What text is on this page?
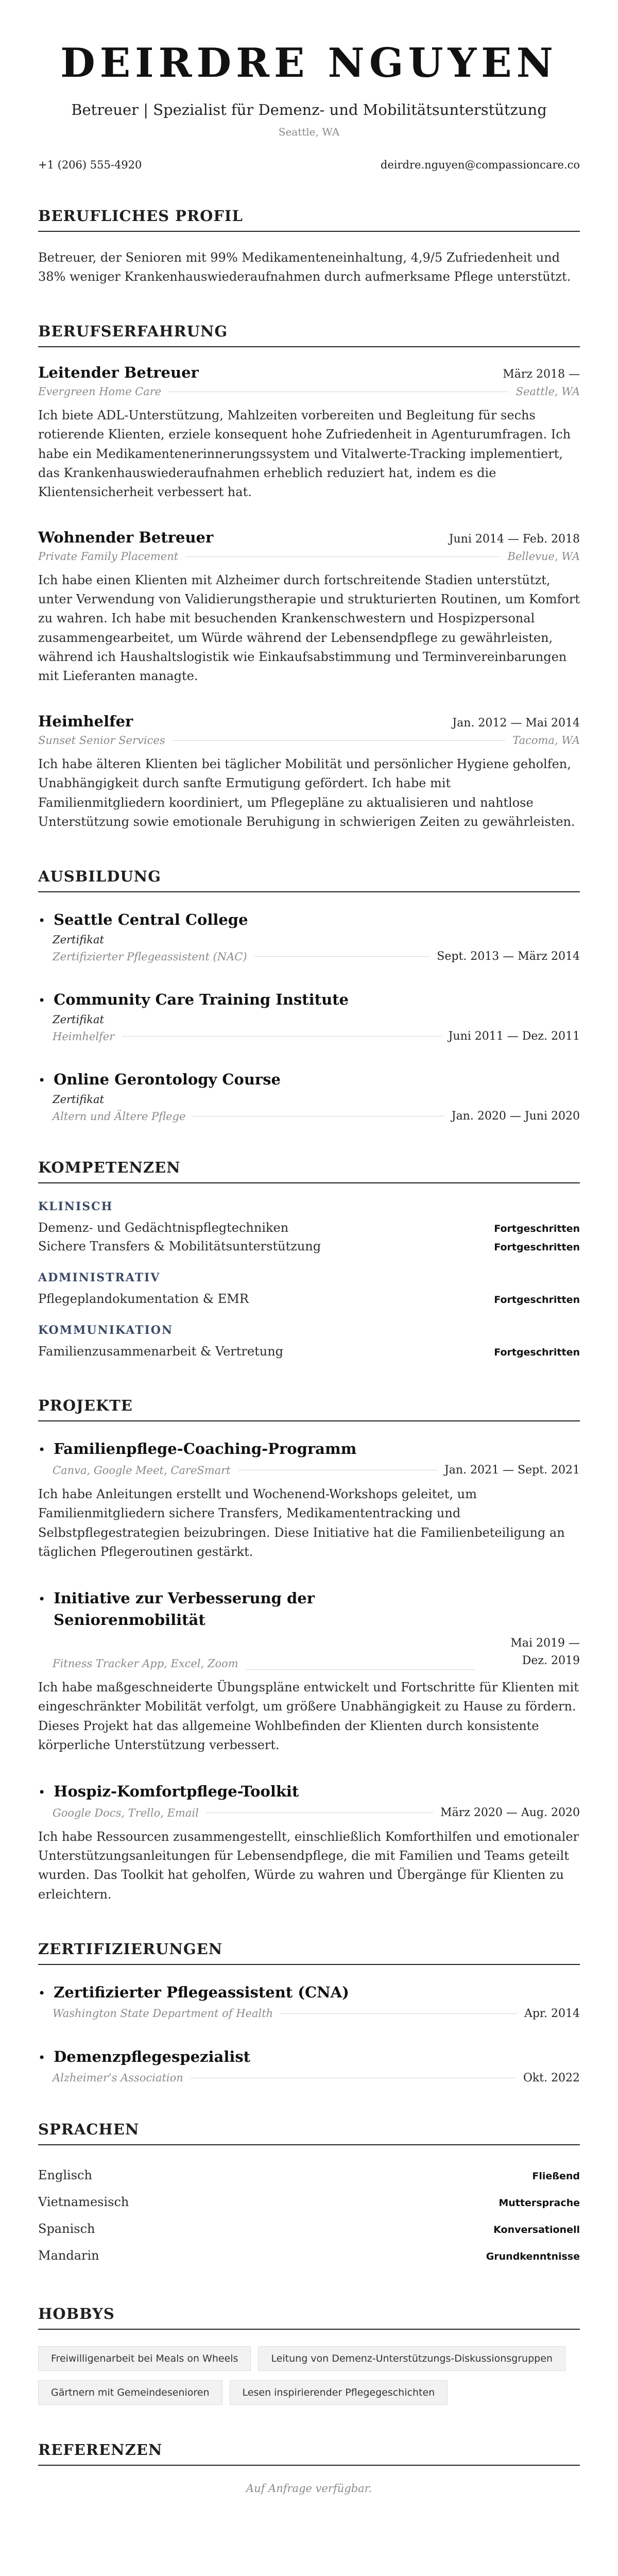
DEIRDRE NGUYEN
Betreuer | Spezialist für Demenz- und Mobilitätsunterstützung
Seattle, WA
+1 (206) 555-4920	deirdre.nguyen@compassioncare.co
BERUFLICHES PROFIL
Betreuer, der Senioren mit 99% Medikamenteneinhaltung, 4,9/5 Zufriedenheit und 38% weniger Krankenhauswiederaufnahmen durch aufmerksame Pflege unterstützt.
BERUFSERFAHRUNG
Leitender Betreuer	März 2018 —
Evergreen Home Care	Seattle, WA
Ich biete ADL-Unterstützung, Mahlzeiten vorbereiten und Begleitung für sechs rotierende Klienten, erziele konsequent hohe Zufriedenheit in Agenturumfragen. Ich habe ein Medikamentenerinnerungssystem und Vitalwerte-Tracking implementiert, das Krankenhauswiederaufnahmen erheblich reduziert hat, indem es die Klientensicherheit verbessert hat.
Wohnender Betreuer	Juni 2014 — Feb. 2018
Private Family Placement	Bellevue, WA
Ich habe einen Klienten mit Alzheimer durch fortschreitende Stadien unterstützt, unter Verwendung von Validierungstherapie und strukturierten Routinen, um Komfort zu wahren. Ich habe mit besuchenden Krankenschwestern und Hospizpersonal zusammengearbeitet, um Würde während der Lebensendpflege zu gewährleisten, während ich Haushaltslogistik wie Einkaufsabstimmung und Terminvereinbarungen mit Lieferanten managte.
Heimhelfer	Jan. 2012 — Mai 2014
Sunset Senior Services	Tacoma, WA
Ich habe älteren Klienten bei täglicher Mobilität und persönlicher Hygiene geholfen, Unabhängigkeit durch sanfte Ermutigung gefördert. Ich habe mit Familienmitgliedern koordiniert, um Pflegepläne zu aktualisieren und nahtlose Unterstützung sowie emotionale Beruhigung in schwierigen Zeiten zu gewährleisten.
AUSBILDUNG
• Seattle Central College
Zertifikat
Zertifizierter Pflegeassistent (NAC)	Sept. 2013 — März 2014
• Community Care Training Institute
Zertifikat
Heimhelfer	Juni 2011 — Dez. 2011
• Online Gerontology Course
Zertifikat
Altern und Ältere Pflege	Jan. 2020 — Juni 2020
KOMPETENZEN
KLINISCH
Demenz- und Gedächtnispflegtechniken	Fortgeschritten
Sichere Transfers & Mobilitätsunterstützung	Fortgeschritten
ADMINISTRATIV
Pflegeplandokumentation & EMR	Fortgeschritten
KOMMUNIKATION
Familienzusammenarbeit & Vertretung	Fortgeschritten
PROJEKTE
• Familienpflege-Coaching-Programm
Canva, Google Meet, CareSmart	Jan. 2021 — Sept. 2021
Ich habe Anleitungen erstellt und Wochenend-Workshops geleitet, um Familienmitgliedern sichere Transfers, Medikamententracking und Selbstpflegestrategien beizubringen. Diese Initiative hat die Familienbeteiligung an täglichen Pflegeroutinen gestärkt.
• Initiative zur Verbesserung der Seniorenmobilität
Fitness Tracker App, Excel, Zoom
Mai 2019 — Dez. 2019
Ich habe maßgeschneiderte Übungspläne entwickelt und Fortschritte für Klienten mit eingeschränkter Mobilität verfolgt, um größere Unabhängigkeit zu Hause zu fördern. Dieses Projekt hat das allgemeine Wohlbefinden der Klienten durch konsistente körperliche Unterstützung verbessert.
• Hospiz-Komfortpflege-Toolkit
Google Docs, Trello, Email	März 2020 — Aug. 2020
Ich habe Ressourcen zusammengestellt, einschließlich Komforthilfen und emotionaler Unterstützungsanleitungen für Lebensendpflege, die mit Familien und Teams geteilt wurden. Das Toolkit hat geholfen, Würde zu wahren und Übergänge für Klienten zu erleichtern.
ZERTIFIZIERUNGEN
• Zertifizierter Pflegeassistent (CNA)
Washington State Department of Health	Apr. 2014
• Demenzpflegespezialist
Alzheimer’s Association	Okt. 2022
SPRACHEN
Englisch	Fließend
Vietnamesisch	Muttersprache
Spanisch	Konversationell
Mandarin	Grundkenntnisse
HOBBYS
Freiwilligenarbeit bei Meals on Wheels	Leitung von Demenz-Unterstützungs-Diskussionsgruppen
Gärtnern mit Gemeindesenioren	Lesen inspirierender Pflegegeschichten
REFERENZEN
Auf Anfrage verfügbar.
